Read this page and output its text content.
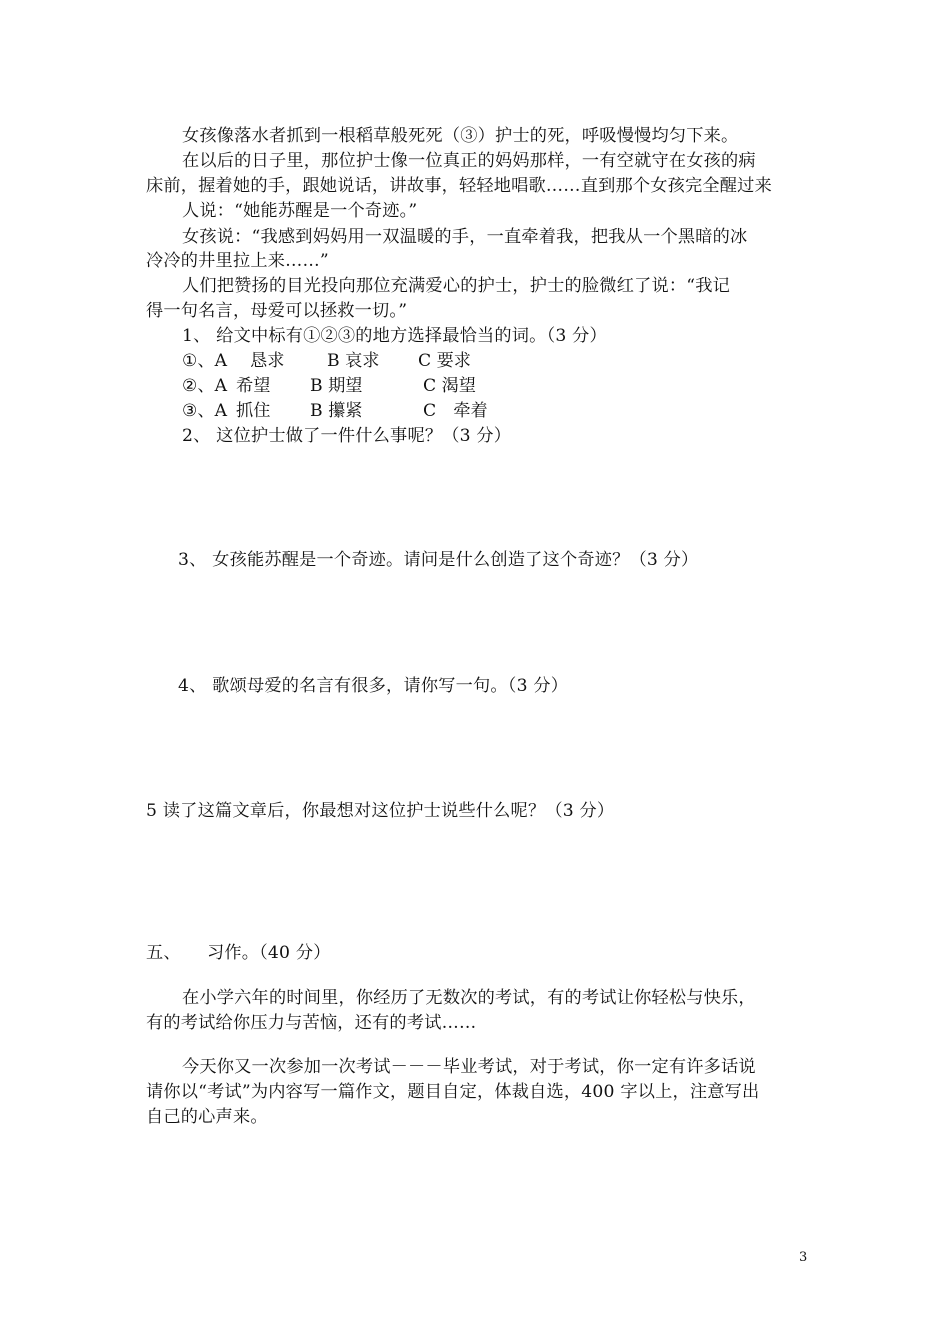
女孩像落水者抓到一根稻草般死死（③）护士的死，呼吸慢慢均匀下来。
在以后的日子里，那位护士像一位真正的妈妈那样，一有空就守在女孩的病
床前，握着她的手，跟她说话，讲故事，轻轻地唱歌……直到那个女孩完全醒过来
人说：“她能苏醒是一个奇迹。”
女孩说：“我感到妈妈用一双温暖的手，一直牵着我，把我从一个黑暗的冰
冷冷的井里拉上来……”
人们把赞扬的目光投向那位充满爱心的护士，护士的脸微红了说：“我记
得一句名言，母爱可以拯救一切。”
1、 给文中标有①②③的地方选择最恰当的词。（3 分）
①、A 恳求 B 哀求 C 要求
②、A 希望 B 期望	C 渴望
③、A 抓住 B 攥紧	C　牵着
2、 这位护士做了一件什么事呢？（3 分）
3、 女孩能苏醒是一个奇迹。请问是什么创造了这个奇迹？（3 分）
4、 歌颂母爱的名言有很多，请你写一句。（3 分）
5 读了这篇文章后，你最想对这位护士说些什么呢？（3 分）
五、　　习作。（40 分）
在小学六年的时间里，你经历了无数次的考试，有的考试让你轻松与快乐，
有的考试给你压力与苦恼，还有的考试……
今天你又一次参加一次考试－－－毕业考试，对于考试，你一定有许多话说
请你以“考试”为内容写一篇作文，题目自定，体裁自选，400 字以上，注意写出
自己的心声来。
3
